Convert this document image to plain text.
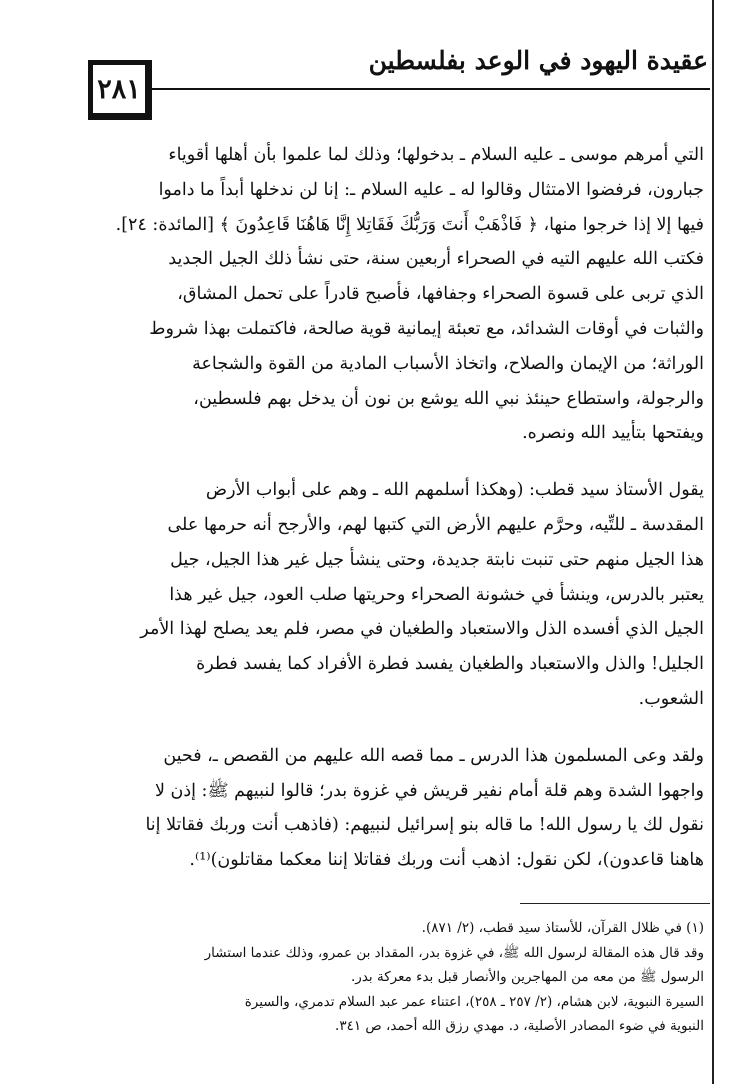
عقيدة اليهود في الوعد بفلسطين
٢٨١

التي أمرهم موسى ـ عليه السلام ـ بدخولها؛ وذلك لما علموا بأن أهلها أقوياء
جبارون، فرفضوا الامتثال وقالوا له ـ عليه السلام ـ: إنا لن ندخلها أبداً ما داموا
فيها إلا إذا خرجوا منها، ﴿ فَاذْهَبْ أَنتَ وَرَبُّكَ فَقَاتِلا إِنَّا هَاهُنَا قَاعِدُونَ ﴾ [المائدة: ٢٤].
فكتب الله عليهم التيه في الصحراء أربعين سنة، حتى نشأ ذلك الجيل الجديد
الذي تربى على قسوة الصحراء وجفافها، فأصبح قادراً على تحمل المشاق،
والثبات في أوقات الشدائد، مع تعبئة إيمانية قوية صالحة، فاكتملت بهذا شروط
الوراثة؛ من الإيمان والصلاح، واتخاذ الأسباب المادية من القوة والشجاعة
والرجولة، واستطاع حينئذ نبي الله يوشع بن نون أن يدخل بهم فلسطين،
ويفتحها بتأييد الله ونصره.

يقول الأستاذ سيد قطب: (وهكذا أسلمهم الله ـ وهم على أبواب الأرض
المقدسة ـ للتِّيه، وحرَّم عليهم الأرض التي كتبها لهم، والأرجح أنه حرمها على
هذا الجيل منهم حتى تنبت نابتة جديدة، وحتى ينشأ جيل غير هذا الجيل، جيل
يعتبر بالدرس، وينشأ في خشونة الصحراء وحريتها صلب العود، جيل غير هذا
الجيل الذي أفسده الذل والاستعباد والطغيان في مصر، فلم يعد يصلح لهذا الأمر
الجليل! والذل والاستعباد والطغيان يفسد فطرة الأفراد كما يفسد فطرة
الشعوب.

ولقد وعى المسلمون هذا الدرس ـ مما قصه الله عليهم من القصص ـ، فحين
واجهوا الشدة وهم قلة أمام نفير قريش في غزوة بدر؛ قالوا لنبيهم ﷺ: إذن لا
نقول لك يا رسول الله! ما قاله بنو إسرائيل لنبيهم: (فاذهب أنت وربك فقاتلا إنا
هاهنا قاعدون)، لكن نقول: اذهب أنت وربك فقاتلا إننا معكما مقاتلون)⁽¹⁾.

(١) في ظلال القرآن، للأستاذ سيد قطب، (٢/ ٨٧١).
وقد قال هذه المقالة لرسول الله ﷺ، في غزوة بدر، المقداد بن عمرو، وذلك عندما استشار
الرسول ﷺ من معه من المهاجرين والأنصار قبل بدء معركة بدر.
السيرة النبوية، لابن هشام، (٢/ ٢٥٧ ـ ٢٥٨)، اعتناء عمر عبد السلام تدمري، والسيرة
النبوية في ضوء المصادر الأصلية، د. مهدي رزق الله أحمد، ص ٣٤١.
